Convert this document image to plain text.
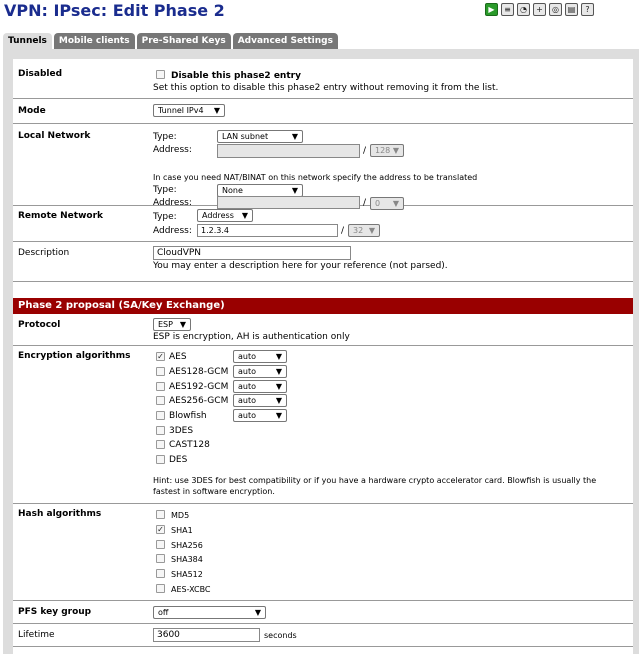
VPN: IPsec: Edit Phase 2	▶	≡	◔	+	◎	▤	?
Tunnels	Mobile clients	Pre-Shared Keys	Advanced Settings
Disabled	Disable this phase2 entry
Set this option to disable this phase2 entry without removing it from the list.
Mode	Tunnel IPv4 ▼
Local Network	Type:	LAN subnet	▼
Address:	/	128 ▼
In case you need NAT/BINAT on this network specify the address to be translated
Type:	None	▼
Address:	/	0 ▼
Remote Network	Type:	Address ▼
Address:	1.2.3.4	/	32 ▼
Description	CloudVPN
You may enter a description here for your reference (not parsed).
Phase 2 proposal (SA/Key Exchange)
Protocol	ESP ▼
ESP is encryption, AH is authentication only
Encryption algorithms	✓ AES	auto ▼
AES128-GCM	auto ▼
AES192-GCM	auto ▼
AES256-GCM	auto ▼
Blowfish	auto ▼
3DES
CAST128
DES
Hint: use 3DES for best compatibility or if you have a hardware crypto accelerator card. Blowfish is usually the
fastest in software encryption.
Hash algorithms	MD5
✓ SHA1
SHA256
SHA384
SHA512
AES-XCBC
PFS key group	off	▼
Lifetime	3600	seconds
